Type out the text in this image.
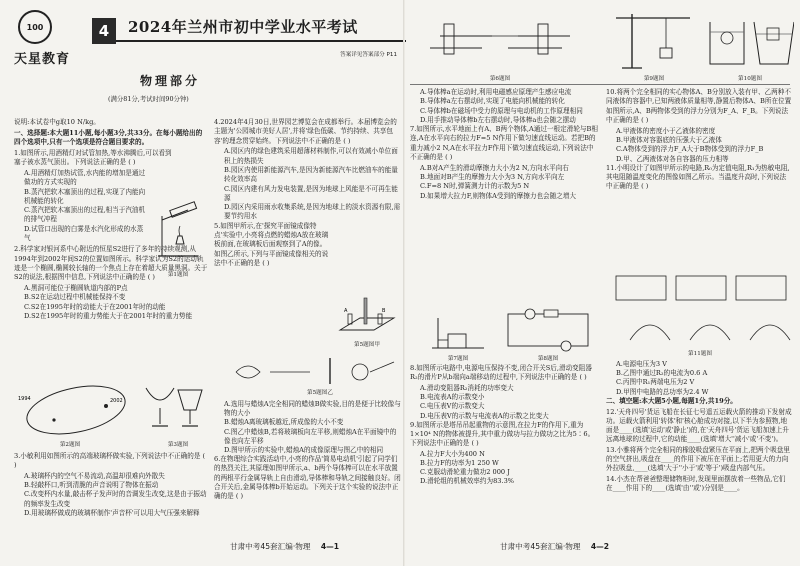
100
天星教育
4	2024年兰州市初中学业水平考试
答案详见答案部分 P11
物理部分
(满分81分,考试时间90分钟)
说明:本试卷中g取10 N/kg。
一、选择题:本大题11小题,每小题3分,共33分。在每小题给出的四个选项中,只有一个选项是符合题目要求的。
1.如图所示,用酒精灯对试管加热,等水沸腾后,可以看到塞子被水蒸气顶出。下列说法正确的是 ( )
A.用酒精灯加热试管,水内能的增加是通过做功的方式实现的
B.蒸汽把软木塞顶出的过程,实现了内能向机械能的转化
C.蒸汽把软木塞顶出的过程,相当于汽油机的排气冲程
D.试管口出现的白雾是水汽化形成的水蒸气
2.科学家对银河系中心附近的恒星S2进行了多年的持续观测,从1994年到2002年间S2的位置如图所示。科学家认为S2的运动轨迹是一个椭圆,椭圆较长轴的一个焦点上存在着超大质量黑洞。关于S2的说法,根据图中信息,下列说法中正确的是 ( )
A.黑洞可能位于椭圆轨道内部的P点
B.S2在运动过程中机械能保持不变
C.S2在1995年时的动能大于在2001年时的动能
D.S2在1995年时的重力势能大于在2001年时的重力势能
第1题图
1994	2002
第2题图	第3题图
3.小敏利用如图所示的高端玻璃杯做实验,下列说法中不正确的是 ( )
A.玻璃杯内的空气不易流动,高温却很难向外散失
B.轻敲杯口,听到清脆的声音说明了物体在振动
C.改变杯内水量,敲击杯子发声时的音调发生改变,这是由于振动的频率发生改变
D.用玻璃杯做成的玻璃杯制作'声音杯'可以用大气压强来解释
4.2024年4月30日,世界园艺博览会在成都举行。本届博览会的主题为'公园城市美好人居',并将'绿色低碳、节约持续、共享包容'的理念贯穿始终。下列说法中不正确的是 ( )
A.园区内的绿色建筑采用超薄材料制作,可以有效减小单位面积上的热损失
B.园区内使用新能源汽车,是因为新能源汽车比燃油车的能量转化效率高
C.园区内建有风力发电装置,是因为地球上风能是不可再生能源
D.园区内采用雨水收集系统,是因为地球上的淡水资源有限,需要节约用水
5.如图甲所示,在'探究平面镜成像特点'实验中,小亮将点燃的蜡烛A放在玻璃板前面,在玻璃板后面观察到了A的像。如图乙所示,下列与平面镜成像相关的说法中不正确的是 ( )
A	B
第5题图甲
第5题图乙
A.选用与蜡烛A完全相同的蜡烛B做实验,目的是便于比较像与物的大小
B.蜡烛A离玻璃板越近,所成像的大小不变
C.图乙中蜡烛B,若将玻璃板向左平移,则蜡烛A在平面镜中的像也向左平移
D.图甲所示的实验中,蜡烛A的成像原理与图乙中的相同
6.在物理综合实践活动中,小亮的作品'简易电动机'引起了同学们的热烈关注,其原理如图甲所示,a、b两个导体棒可以在水平放置的两根平行金属导轨上自由滑动,导体棒和导轨之间接触良好。闭合开关后,金属导体棒b开始运动。下列关于这个实验的说法中正确的是 ( )
第6题图
A.导体棒a在运动时,利用电磁感应原理产生感应电流
B.导体棒a左右摆动时,实现了电能向机械能的转化
C.导体棒b在磁场中受力的原理与电动机的工作原理相同
D.用手推动导体棒b左右摆动时,导体棒a也会随之摆动
7.如图所示,水平地面上有A、B两个物体,A通过一根定滑轮与B相连,A在水平向右的拉力F=5 N作用下做匀速直线运动。若把B的重力减小2 N,A在水平拉力F作用下做匀速直线运动,下列说法中不正确的是 ( )
A.B对A产生的滑动摩擦力大小为2 N,方向水平向右
B.地面对B产生的摩擦力大小为3 N,方向水平向左
C.F=8 N时,弹簧测力计的示数为5 N
D.如果增大拉力F,则物体A受到的摩擦力也会随之增大
第7题图	第8题图
8.如图所示电路中,电源电压保持不变,闭合开关S后,滑动变阻器R₂的滑片P从b端向a端移动的过程中,下列说法中正确的是 ( )
A.滑动变阻器R₂消耗的功率变大
B.电流表A的示数变小
C.电压表V的示数变大
D.电压表V的示数与电流表A的示数之比变大
9.如图所示是塔吊吊起重物的示意图,在拉力F的作用下,重为1×10⁴ N的物体被提升,其中重力做功与拉力做功之比为5∶6。下列说法中正确的是 ( )
A.拉力F大小为400 N
B.拉力F的功率为1 250 W
C.克服动滑轮重力做功2 000 J
D.滑轮组的机械效率约为83.3%
第9题图	第10题图
10.将两个完全相同的实心物体A、B分别放入装有甲、乙两种不同液体的容器中,已知两液体质量相等,静置后物体A、B所在位置如图所示,A、B两物体受到的浮力分别为F_A、F_B。下列说法中正确的是 ( )
A.甲液体的密度小于乙液体的密度
B.甲液体对容器底的压强大于乙液体
C.A物体受到的浮力F_A大于B物体受到的浮力F_B
D.甲、乙两液体对各自容器的压力相等
11.小明设计了如图甲所示的电路,R₀为定值电阻,R₁为热敏电阻,其电阻随温度变化的图像如图乙所示。当温度升高时,下列说法中正确的是 ( )
第11题图
A.电源电压为3 V
B.乙图中通过R₂的电流为0.6 A
C.丙图中R₁两端电压为2 V
D.甲图中电路的总功率为2.4 W
二、填空题:本大题5小题,每题1分,共19分。
12.'天舟四号'货运飞船在长征七号遥五运载火箭的推动下发射成功。运载火箭利用'转体'和'核心舱成功对接,以下半为参照物,地面是____(选填'运动'或'静止')的,在'天舟四号'货运飞船加速上升远离地球的过程中,它的动能____(选填'增大''减小'或'不变')。
13.小雅将两个完全相同的橡胶吸盘紧压在平面上,把两个吸盘里的空气挤出,吸盘在____的作用下被压在平面上;若用更大的力向外拉吸盘,____(选填'大于''小于'或'等于')吸盘内部气压。
14.小杰在帮爸爸整理储物柜时,发现里面摆放着一些物品,它们在____作用下的____(选填'由''或')分别是____。
甘肃中考45套汇编·物理 4—1	甘肃中考45套汇编·物理 4—2
